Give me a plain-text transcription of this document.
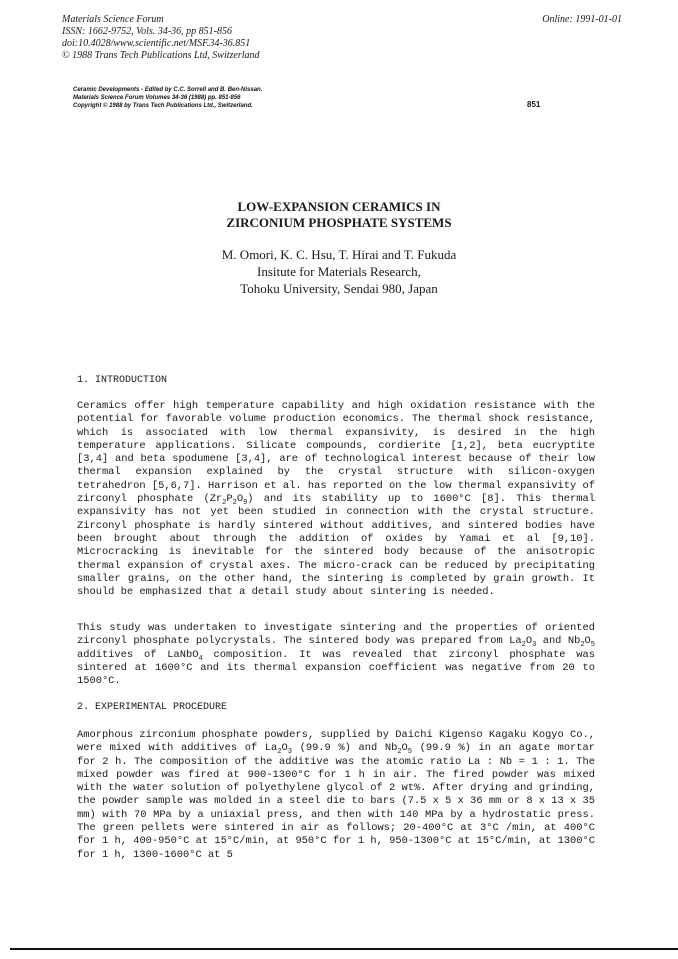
Materials Science Forum
ISSN: 1662-9752, Vols. 34-36, pp 851-856
doi:10.4028/www.scientific.net/MSF.34-36.851
© 1988 Trans Tech Publications Ltd, Switzerland
Online: 1991-01-01
Ceramic Developments - Edited by C.C. Sorrell and B. Ben-Nissan.
Materials Science Forum Volumes 34-36 (1988) pp. 851-856
Copyright © 1988 by Trans Tech Publications Ltd., Switzerland.	851
LOW-EXPANSION CERAMICS IN
ZIRCONIUM PHOSPHATE SYSTEMS
M. Omori, K. C. Hsu, T. Hirai and T. Fukuda
Insitute for Materials Research,
Tohoku University, Sendai 980, Japan
1. INTRODUCTION

Ceramics offer high temperature capability and high oxidation resistance with the potential for favorable volume production economics. The thermal shock resistance, which is associated with low thermal expansivity, is desired in the high temperature applications. Silicate compounds, cordierite [1,2], beta eucryptite [3,4] and beta spodumene [3,4], are of technological interest because of their low thermal expansion explained by the crystal structure with silicon-oxygen tetrahedron [5,6,7]. Harrison et al. has reported on the low thermal expansivity of zirconyl phosphate $(Zr_2P_2O_9)$ and its stability up to 1600°C [8]. This thermal expansivity has not yet been studied in connection with the crystal structure. Zirconyl phosphate is hardly sintered without additives, and sintered bodies have been brought about through the addition of oxides by Yamai et al [9,10]. Microcracking is inevitable for the sintered body because of the anisotropic thermal expansion of crystal axes. The micro-crack can be reduced by precipitating smaller grains, on the other hand, the sintering is completed by grain growth. It should be emphasized that a detail study about sintering is needed.

This study was undertaken to investigate sintering and the properties of oriented zirconyl phosphate polycrystals. The sintered body was prepared from $La_2O_3$ and $Nb_2O_5$ additives of LaNbO$_4$ composition. It was revealed that zirconyl phosphate was sintered at 1600°C and its thermal expansion coefficient was negative from 20 to 1500°C.

2. EXPERIMENTAL PROCEDURE

Amorphous zirconium phosphate powders, supplied by Daichi Kigenso Kagaku Kogyo Co., were mixed with additives of $La_2O_3$ (99.9 %) and $Nb_2O_5$ (99.9 %) in an agate mortar for 2 h. The composition of the additive was the atomic ratio La : Nb = 1 : 1. The mixed powder was fired at 900-1300°C for 1 h in air. The fired powder was mixed with the water solution of polyethylene glycol of 2 wt%. After drying and grinding, the powder sample was molded in a steel die to bars (7.5 x 5 x 36 mm or 8 x 13 x 35 mm) with 70 MPa by a uniaxial press, and then with 140 MPa by a hydrostatic press. The green pellets were sintered in air as follows; 20-400°C at 3°C /min, at 400°C for 1 h, 400-950°C at 15°C/min, at 950°C for 1 h, 950-1300°C at 15°C/min, at 1300°C for 1 h, 1300-1600°C at 5
